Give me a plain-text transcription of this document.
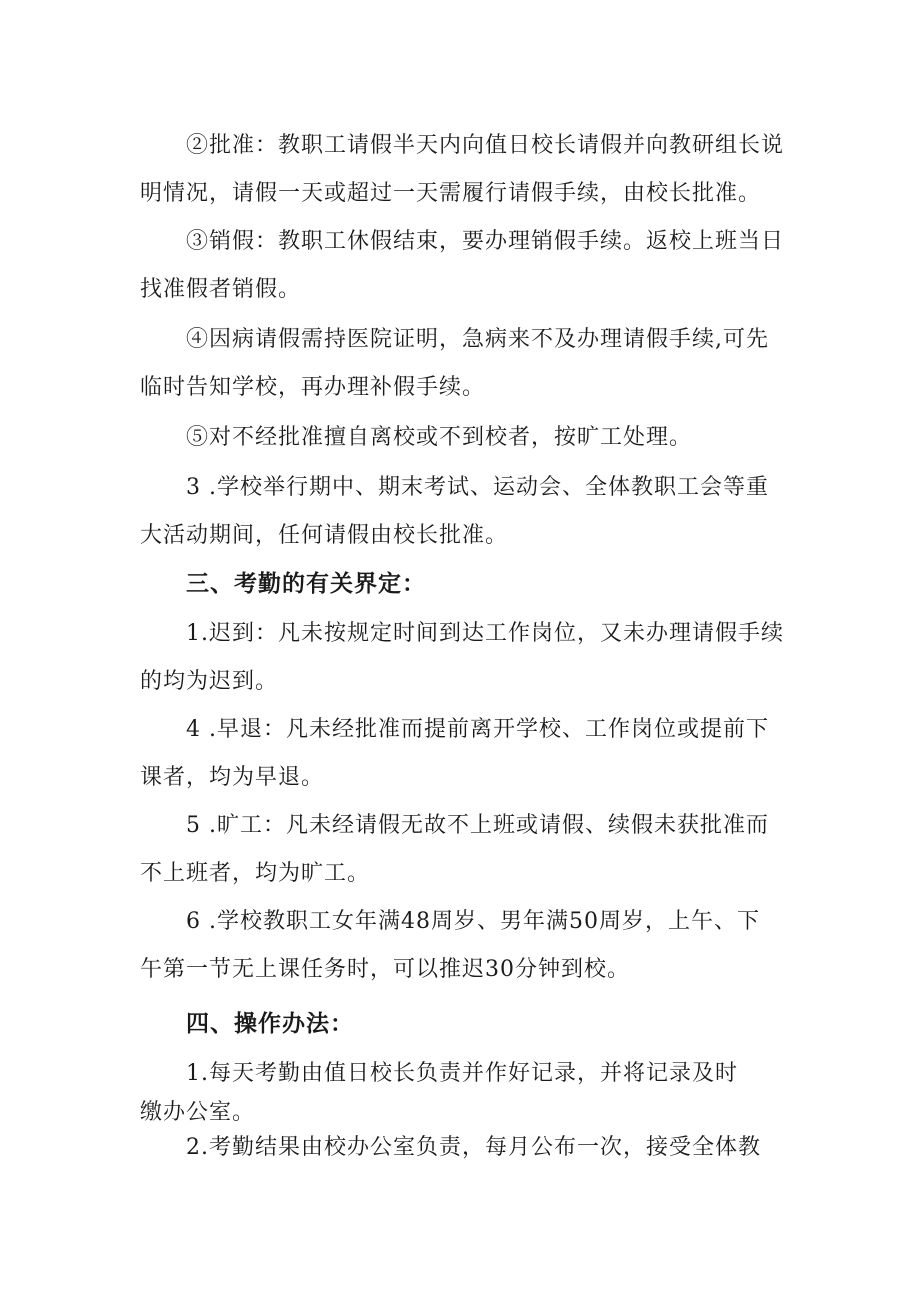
②批准：教职工请假半天内向值日校长请假并向教研组长说
明情况，请假一天或超过一天需履行请假手续，由校长批准。

③销假：教职工休假结束，要办理销假手续。返校上班当日
找准假者销假。

④因病请假需持医院证明，急病来不及办理请假手续,可先
临时告知学校，再办理补假手续。

⑤对不经批准擅自离校或不到校者，按旷工处理。

3 .学校举行期中、期末考试、运动会、全体教职工会等重
大活动期间，任何请假由校长批准。

三、考勤的有关界定：

1.迟到：凡未按规定时间到达工作岗位，又未办理请假手续
的均为迟到。

4 .早退：凡未经批准而提前离开学校、工作岗位或提前下
课者，均为早退。

5 .旷工：凡未经请假无故不上班或请假、续假未获批准而
不上班者，均为旷工。

6 .学校教职工女年满48周岁、男年满50周岁，上午、下
午第一节无上课任务时，可以推迟30分钟到校。

四、操作办法：

1.每天考勤由值日校长负责并作好记录，并将记录及时
缴办公室。

2.考勤结果由校办公室负责，每月公布一次，接受全体教
